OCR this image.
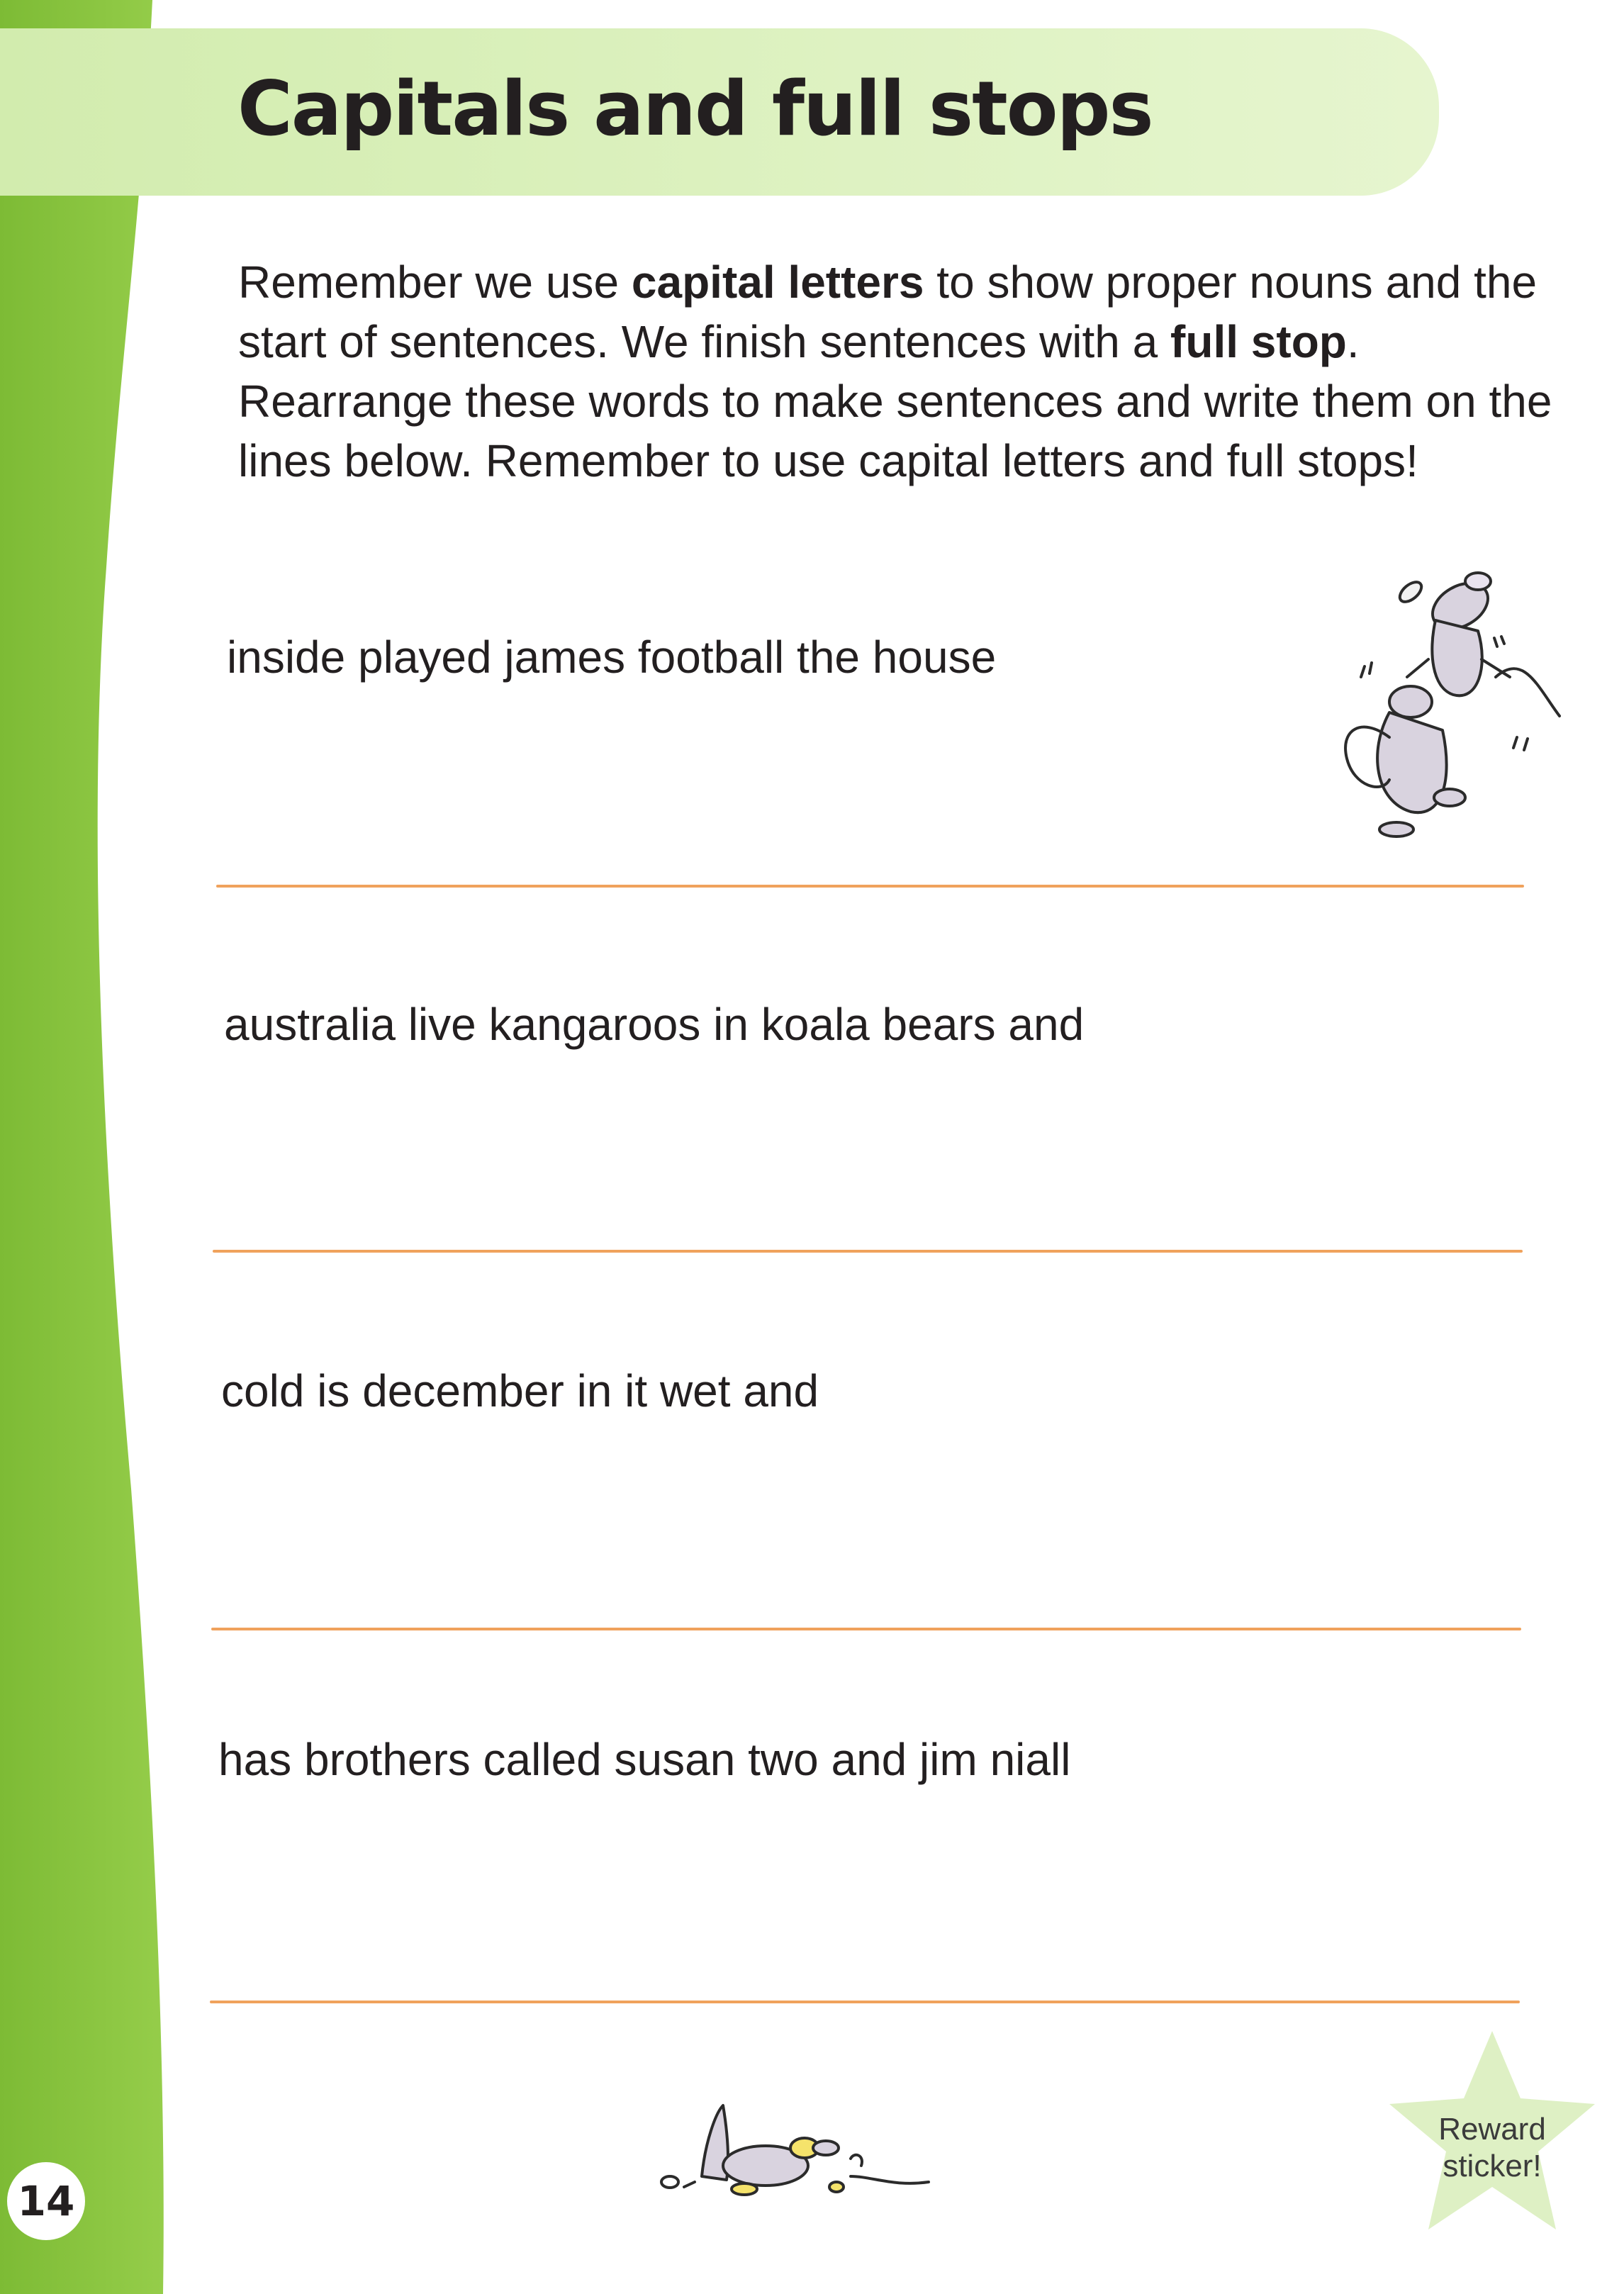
Capitals and full stops

Remember we use capital letters to show proper nouns and the

start of sentences. We finish sentences with a full stop.

Rearrange these words to make sentences and write them on the

lines below. Remember to use capital letters and full stops!

inside played james football the house
australia live kangaroos in koala bears and
cold is december in it wet and
has brothers called susan two and jim niall
Reward
sticker!
14
